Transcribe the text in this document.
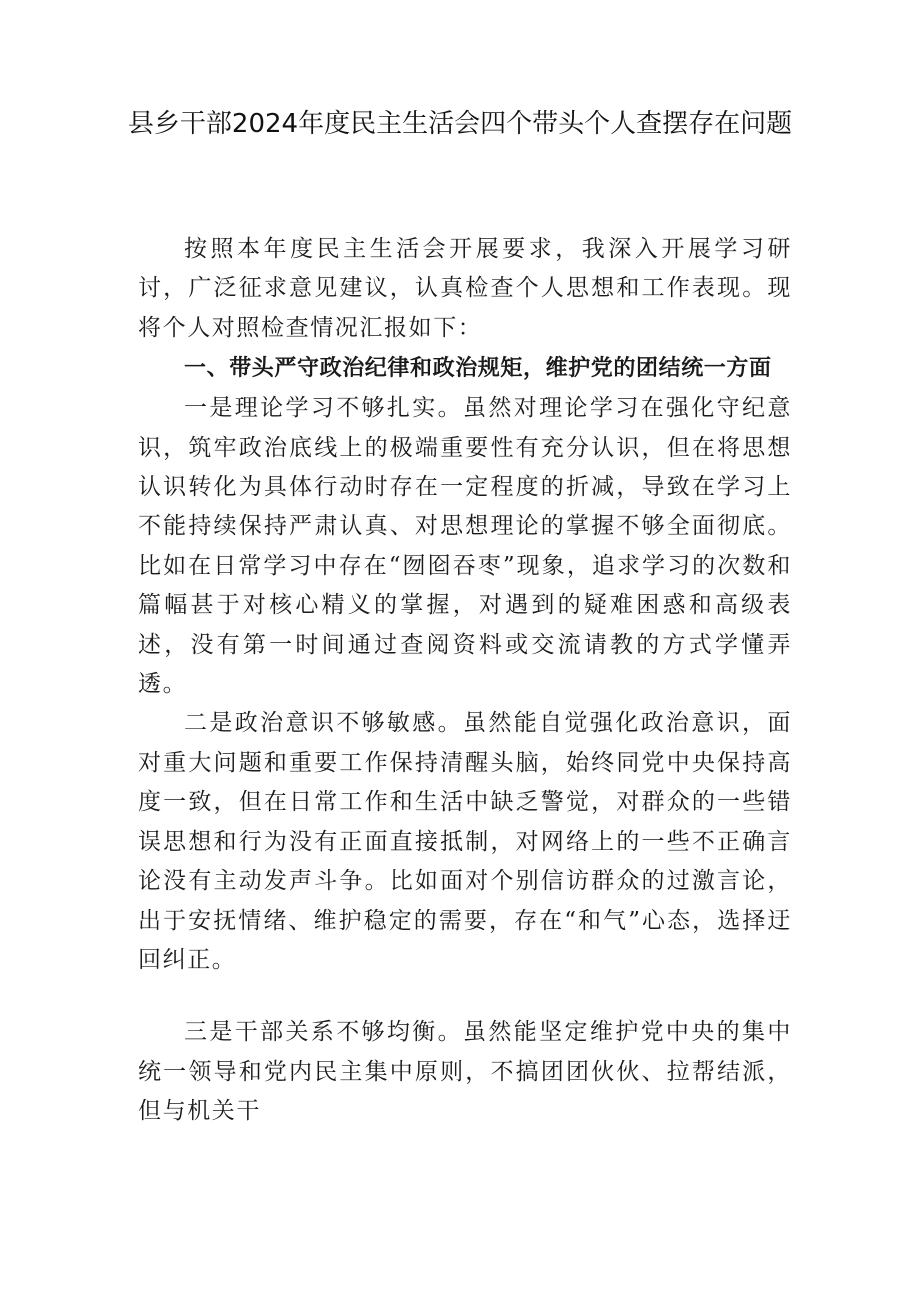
县乡干部2024年度民主生活会四个带头个人查摆存在问题

按照本年度民主生活会开展要求，我深入开展学习研讨，广泛征求意见建议，认真检查个人思想和工作表现。现将个人对照检查情况汇报如下：

一、带头严守政治纪律和政治规矩，维护党的团结统一方面

一是理论学习不够扎实。虽然对理论学习在强化守纪意识，筑牢政治底线上的极端重要性有充分认识，但在将思想认识转化为具体行动时存在一定程度的折减，导致在学习上不能持续保持严肃认真、对思想理论的掌握不够全面彻底。比如在日常学习中存在“囫囵吞枣”现象，追求学习的次数和篇幅甚于对核心精义的掌握，对遇到的疑难困惑和高级表述，没有第一时间通过查阅资料或交流请教的方式学懂弄透。

二是政治意识不够敏感。虽然能自觉强化政治意识，面对重大问题和重要工作保持清醒头脑，始终同党中央保持高度一致，但在日常工作和生活中缺乏警觉，对群众的一些错误思想和行为没有正面直接抵制，对网络上的一些不正确言论没有主动发声斗争。比如面对个别信访群众的过激言论，出于安抚情绪、维护稳定的需要，存在“和气”心态，选择迂回纠正。

三是干部关系不够均衡。虽然能坚定维护党中央的集中统一领导和党内民主集中原则，不搞团团伙伙、拉帮结派，但与机关干
